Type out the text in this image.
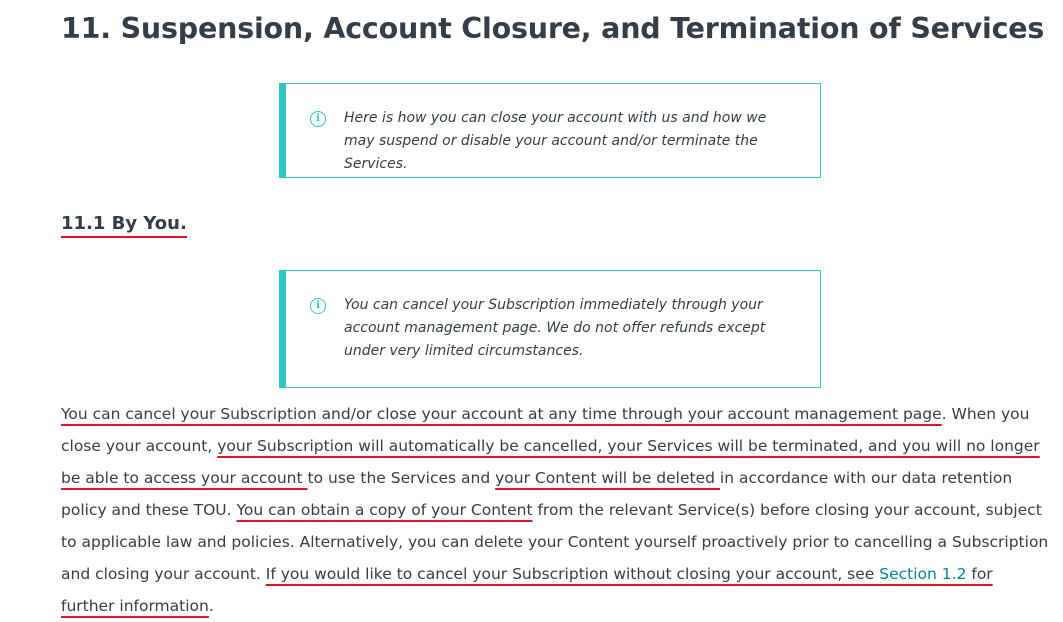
11. Suspension, Account Closure, and Termination of Services
i	Here is how you can close your account with us and how we may suspend or disable your account and/or terminate the Services.
11.1 By You.
i	You can cancel your Subscription immediately through your account management page. We do not offer refunds except under very limited circumstances.

You can cancel your Subscription and/or close your account at any time through your account management page. When you close your account, your Subscription will automatically be cancelled, your Services will be terminated, and you will no longer be able to access your account to use the Services and your Content will be deleted in accordance with our data retention policy and these TOU. You can obtain a copy of your Content from the relevant Service(s) before closing your account, subject to applicable law and policies. Alternatively, you can delete your Content yourself proactively prior to cancelling a Subscription and closing your account. If you would like to cancel your Subscription without closing your account, see Section 1.2 for further information.
